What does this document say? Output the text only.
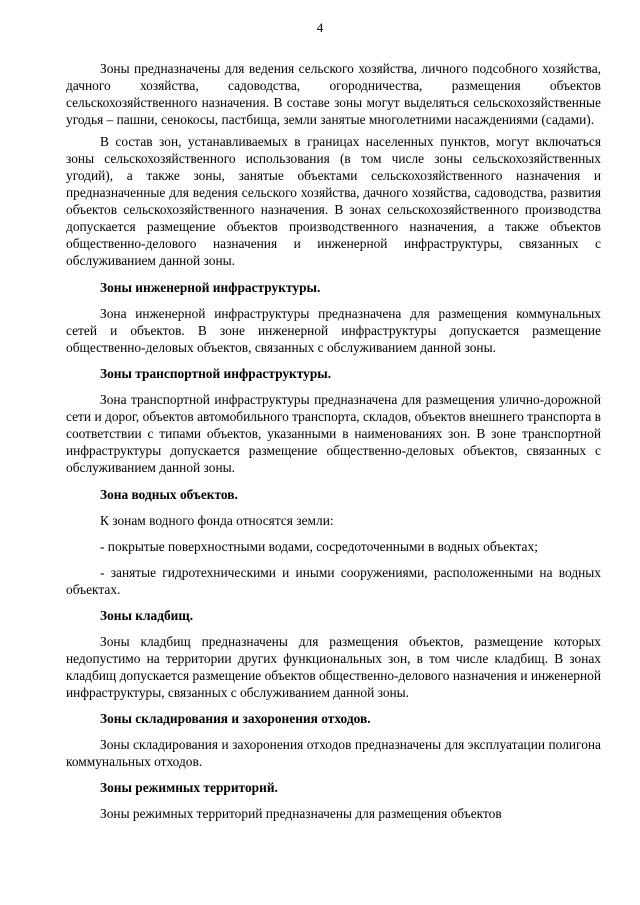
4

Зоны предназначены для ведения сельского хозяйства, личного подсобного хозяйства, дачного хозяйства, садоводства, огородничества, размещения объектов сельскохозяйственного назначения. В составе зоны могут выделяться сельскохозяйственные угодья – пашни, сенокосы, пастбища, земли занятые многолетними насаждениями (садами).

В состав зон, устанавливаемых в границах населенных пунктов, могут включаться зоны сельскохозяйственного использования (в том числе зоны сельскохозяйственных угодий), а также зоны, занятые объектами сельскохозяйственного назначения и предназначенные для ведения сельского хозяйства, дачного хозяйства, садоводства, развития объектов сельскохозяйственного назначения. В зонах сельскохозяйственного производства допускается размещение объектов производственного назначения, а также объектов общественно-делового назначения и инженерной инфраструктуры, связанных с обслуживанием данной зоны.

Зоны инженерной инфраструктуры.

Зона инженерной инфраструктуры предназначена для размещения коммунальных сетей и объектов. В зоне инженерной инфраструктуры допускается размещение общественно-деловых объектов, связанных с обслуживанием данной зоны.

Зоны транспортной инфраструктуры.

Зона транспортной инфраструктуры предназначена для размещения улично-дорожной сети и дорог, объектов автомобильного транспорта, складов, объектов внешнего транспорта в соответствии с типами объектов, указанными в наименованиях зон. В зоне транспортной инфраструктуры допускается размещение общественно-деловых объектов, связанных с обслуживанием данной зоны.

Зона водных объектов.

К зонам водного фонда относятся земли:

- покрытые поверхностными водами, сосредоточенными в водных объектах;

- занятые гидротехническими и иными сооружениями, расположенными на водных объектах.

Зоны кладбищ.

Зоны кладбищ предназначены для размещения объектов, размещение которых недопустимо на территории других функциональных зон, в том числе кладбищ. В зонах кладбищ допускается размещение объектов общественно-делового назначения и инженерной инфраструктуры, связанных с обслуживанием данной зоны.

Зоны складирования и захоронения отходов.

Зоны складирования и захоронения отходов предназначены для эксплуатации полигона коммунальных отходов.

Зоны режимных территорий.

Зоны режимных территорий предназначены для размещения объектов
